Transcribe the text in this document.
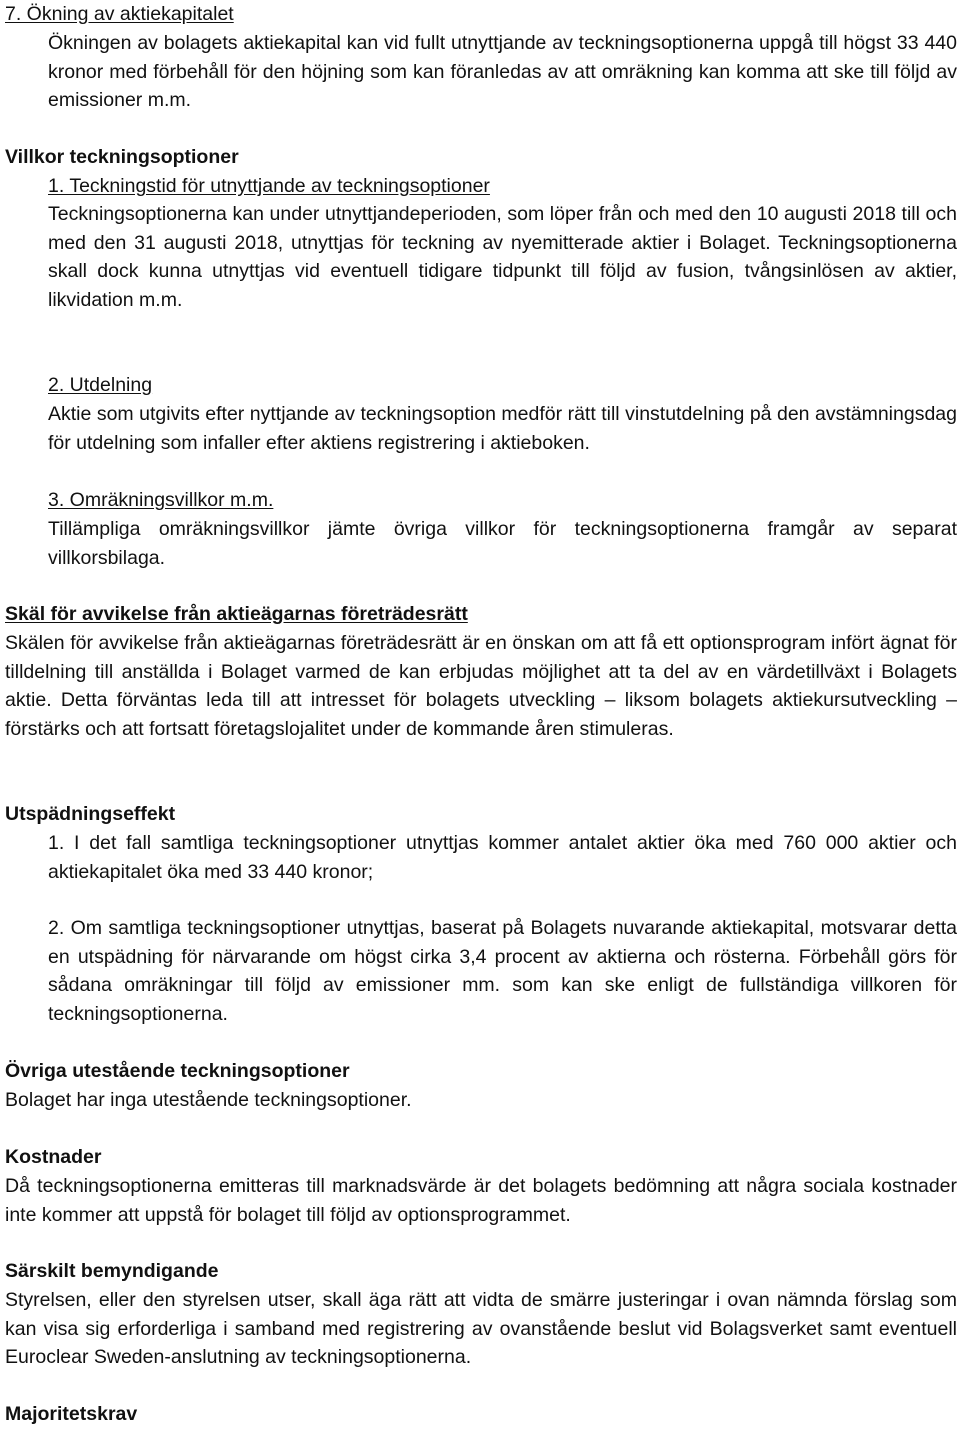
7. Ökning av aktiekapitalet

Ökningen av bolagets aktiekapital kan vid fullt utnyttjande av teckningsoptionerna uppgå till högst 33 440 kronor med förbehåll för den höjning som kan föranledas av att omräkning kan komma att ske till följd av emissioner m.m.

Villkor teckningsoptioner
1. Teckningstid för utnyttjande av teckningsoptioner

Teckningsoptionerna kan under utnyttjandeperioden, som löper från och med den 10 augusti 2018 till och med den 31 augusti 2018, utnyttjas för teckning av nyemitterade aktier i Bolaget. Teckningsoptionerna skall dock kunna utnyttjas vid eventuell tidigare tidpunkt till följd av fusion, tvångsinlösen av aktier, likvidation m.m.

2. Utdelning

Aktie som utgivits efter nyttjande av teckningsoption medför rätt till vinstutdelning på den avstämningsdag för utdelning som infaller efter aktiens registrering i aktieboken.

3. Omräkningsvillkor m.m.

Tillämpliga omräkningsvillkor jämte övriga villkor för teckningsoptionerna framgår av separat villkorsbilaga.

Skäl för avvikelse från aktieägarnas företrädesrätt

Skälen för avvikelse från aktieägarnas företrädesrätt är en önskan om att få ett optionsprogram infört ägnat för tilldelning till anställda i Bolaget varmed de kan erbjudas möjlighet att ta del av en värdetillväxt i Bolagets aktie. Detta förväntas leda till att intresset för bolagets utveckling – liksom bolagets aktiekursutveckling – förstärks och att fortsatt företagslojalitet under de kommande åren stimuleras.

Utspädningseffekt

1. I det fall samtliga teckningsoptioner utnyttjas kommer antalet aktier öka med 760 000 aktier och aktiekapitalet öka med 33 440 kronor;

2. Om samtliga teckningsoptioner utnyttjas, baserat på Bolagets nuvarande aktiekapital, motsvarar detta en utspädning för närvarande om högst cirka 3,4 procent av aktierna och rösterna. Förbehåll görs för sådana omräkningar till följd av emissioner mm. som kan ske enligt de fullständiga villkoren för teckningsoptionerna.

Övriga utestående teckningsoptioner

Bolaget har inga utestående teckningsoptioner.

Kostnader

Då teckningsoptionerna emitteras till marknadsvärde är det bolagets bedömning att några sociala kostnader inte kommer att uppstå för bolaget till följd av optionsprogrammet.

Särskilt bemyndigande

Styrelsen, eller den styrelsen utser, skall äga rätt att vidta de smärre justeringar i ovan nämnda förslag som kan visa sig erforderliga i samband med registrering av ovanstående beslut vid Bolagsverket samt eventuell Euroclear Sweden-anslutning av teckningsoptionerna.

Majoritetskrav
